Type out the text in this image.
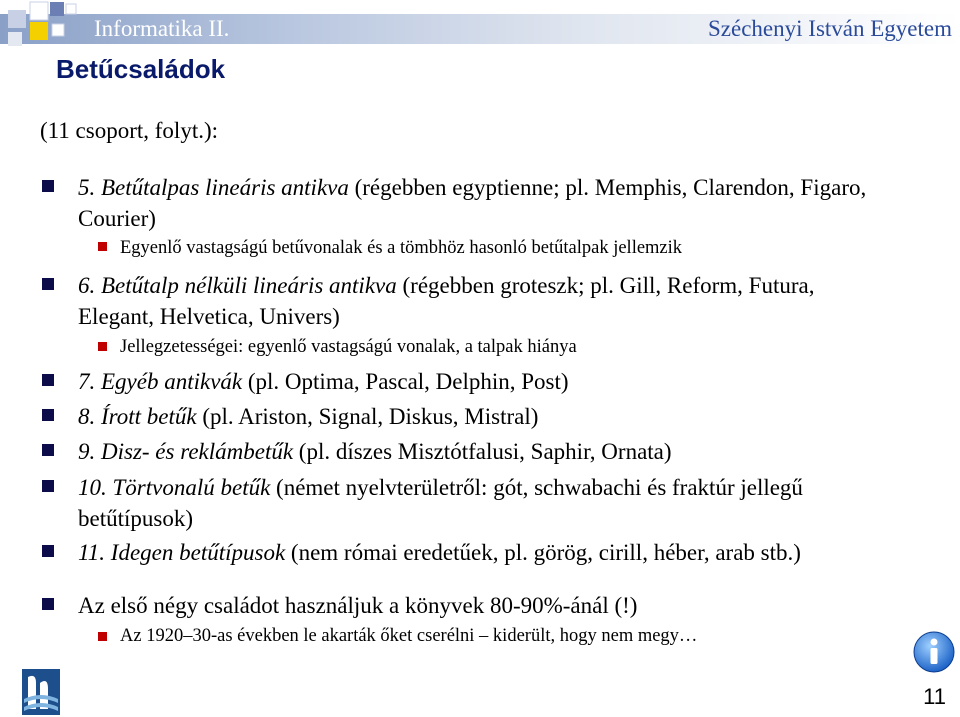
Informatika II.	Széchenyi István Egyetem
Betűcsaládok
(11 csoport, folyt.):
5. Betűtalpas lineáris antikva (régebben egyptienne; pl. Memphis, Clarendon, Figaro,
Courier)
Egyenlő vastagságú betűvonalak és a tömbhöz hasonló betűtalpak jellemzik
6. Betűtalp nélküli lineáris antikva (régebben groteszk; pl. Gill, Reform, Futura,
Elegant, Helvetica, Univers)
Jellegzetességei: egyenlő vastagságú vonalak, a talpak hiánya
7. Egyéb antikvák (pl. Optima, Pascal, Delphin, Post)
8. Írott betűk (pl. Ariston, Signal, Diskus, Mistral)
9. Disz- és reklámbetűk (pl. díszes Misztótfalusi, Saphir, Ornata)
10. Törtvonalú betűk (német nyelvterületről: gót, schwabachi és fraktúr jellegű
betűtípusok)
11. Idegen betűtípusok (nem római eredetűek, pl. görög, cirill, héber, arab stb.)
Az első négy családot használjuk a könyvek 80-90%-ánál (!)
Az 1920–30-as években le akarták őket cserélni – kiderült, hogy nem megy…
11
